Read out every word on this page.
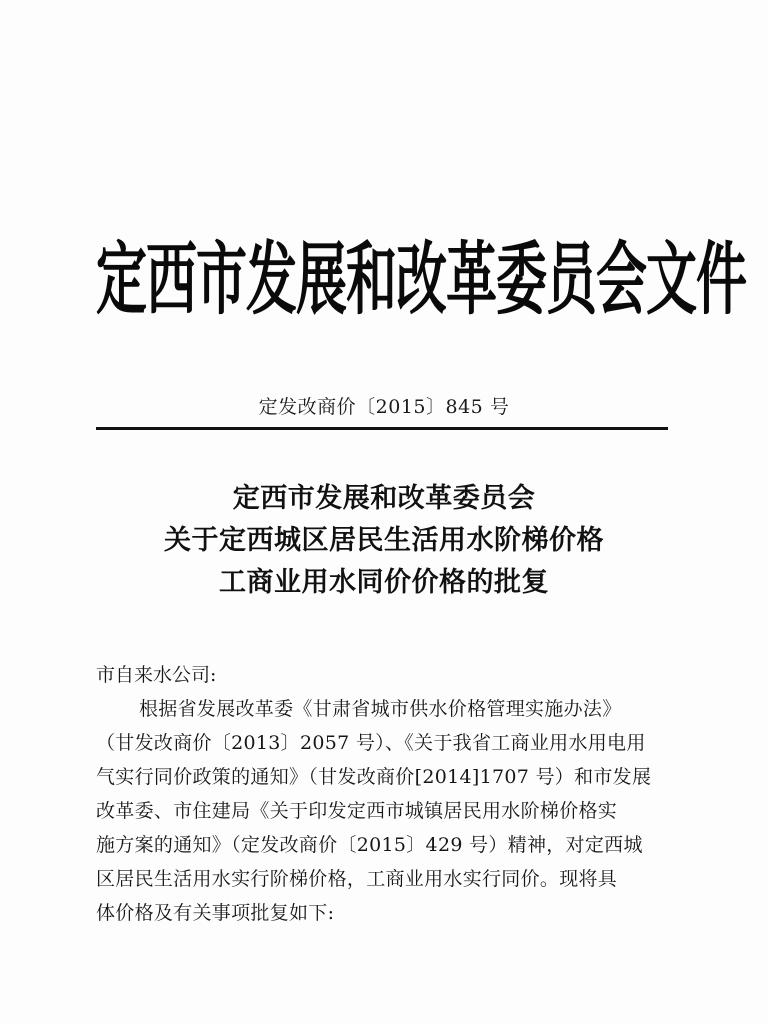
定西市发展和改革委员会文件
定发改商价〔2015〕845 号
定西市发展和改革委员会
关于定西城区居民生活用水阶梯价格
工商业用水同价价格的批复
市自来水公司:
根据省发展改革委《甘肃省城市供水价格管理实施办法》
（甘发改商价〔2013〕2057 号）、《关于我省工商业用水用电用
气实行同价政策的通知》（甘发改商价[2014]1707 号）和市发展
改革委、市住建局《关于印发定西市城镇居民用水阶梯价格实
施方案的通知》（定发改商价〔2015〕429 号）精神，对定西城
区居民生活用水实行阶梯价格，工商业用水实行同价。现将具
体价格及有关事项批复如下:
